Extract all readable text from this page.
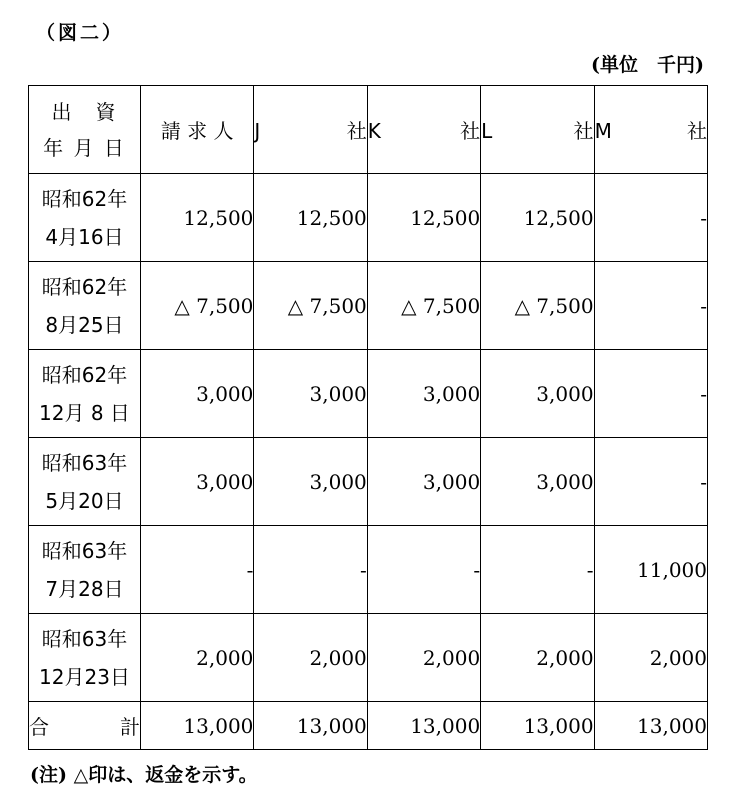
（図二）
(単位　千円)
出　資
年 月 日	請 求 人	J　　社	K　　社	L　　社	M　　社

昭和62年
4月16日	12,500	12,500	12,500	12,500	-

昭和62年
8月25日	△ 7,500	△ 7,500	△ 7,500	△ 7,500	-

昭和62年
12月 8 日	3,000	3,000	3,000	3,000	-

昭和63年
5月20日	3,000	3,000	3,000	3,000	-

昭和63年
7月28日	-	-	-	-	11,000

昭和63年
12月23日	2,000	2,000	2,000	2,000	2,000
合　計	13,000	13,000	13,000	13,000	13,000
(注) △印は、返金を示す。
